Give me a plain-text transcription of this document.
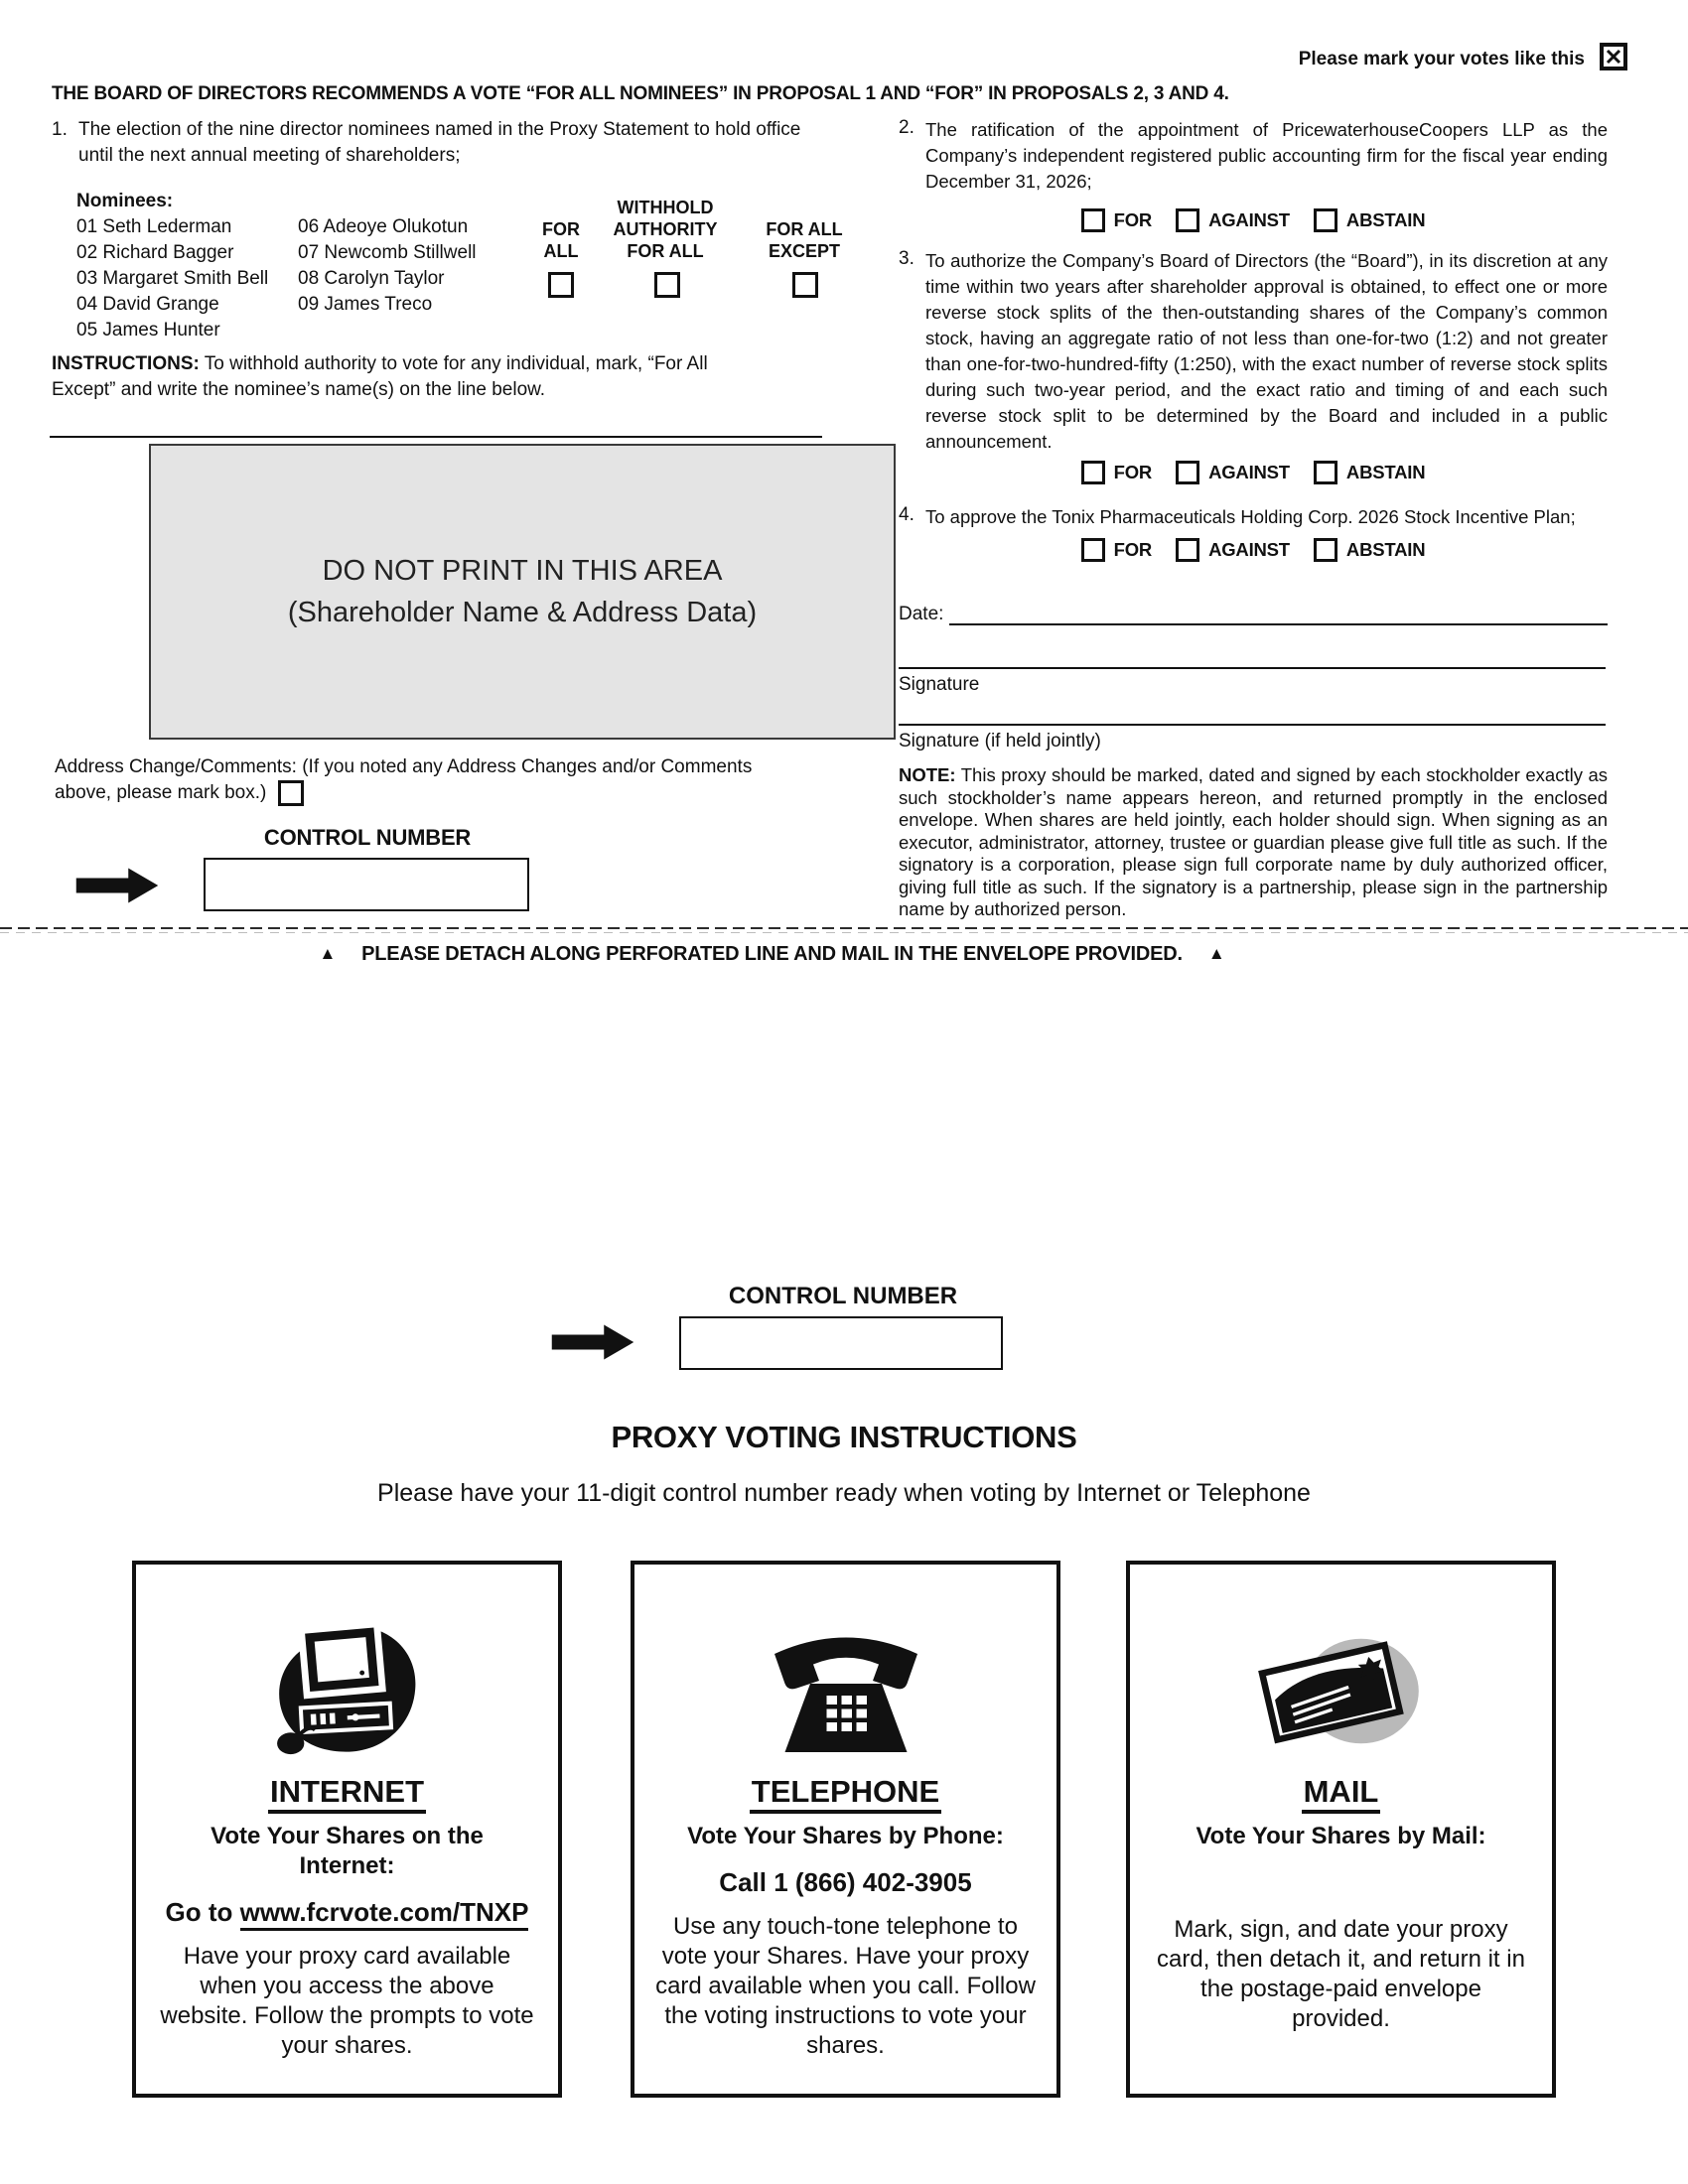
Please mark your votes like this
THE BOARD OF DIRECTORS RECOMMENDS A VOTE “FOR ALL NOMINEES” IN PROPOSAL 1 AND “FOR” IN PROPOSALS 2, 3 AND 4.
1. The election of the nine director nominees named in the Proxy Statement to hold office until the next annual meeting of shareholders;
Nominees:
01 Seth Lederman
02 Richard Bagger
03 Margaret Smith Bell
04 David Grange
05 James Hunter
06 Adeoye Olukotun
07 Newcomb Stillwell
08 Carolyn Taylor
09 James Treco
FOR ALL
WITHHOLD AUTHORITY FOR ALL
FOR ALL EXCEPT
INSTRUCTIONS: To withhold authority to vote for any individual, mark, “For All Except” and write the nominee’s name(s) on the line below.
DO NOT PRINT IN THIS AREA
(Shareholder Name & Address Data)
Address Change/Comments: (If you noted any Address Changes and/or Comments
above, please mark box.)
CONTROL NUMBER
▲ PLEASE DETACH ALONG PERFORATED LINE AND MAIL IN THE ENVELOPE PROVIDED. ▲
2. The ratification of the appointment of PricewaterhouseCoopers LLP as the Company’s independent registered public accounting firm for the fiscal year ending December 31, 2026;
FOR	AGAINST	ABSTAIN
3. To authorize the Company’s Board of Directors (the “Board”), in its discretion at any time within two years after shareholder approval is obtained, to effect one or more reverse stock splits of the then-outstanding shares of the Company’s common stock, having an aggregate ratio of not less than one-for-two (1:2) and not greater than one-for-two-hundred-fifty (1:250), with the exact number of reverse stock splits during such two-year period, and the exact ratio and timing of and each such reverse stock split to be determined by the Board and included in a public announcement.
FOR	AGAINST	ABSTAIN
4. To approve the Tonix Pharmaceuticals Holding Corp. 2026 Stock Incentive Plan;
FOR	AGAINST	ABSTAIN
Date:
Signature
Signature (if held jointly)
NOTE: This proxy should be marked, dated and signed by each stockholder exactly as such stockholder’s name appears hereon, and returned promptly in the enclosed envelope. When shares are held jointly, each holder should sign. When signing as an executor, administrator, attorney, trustee or guardian please give full title as such. If the signatory is a corporation, please sign full corporate name by duly authorized officer, giving full title as such. If the signatory is a partnership, please sign in the partnership name by authorized person.
CONTROL NUMBER
PROXY VOTING INSTRUCTIONS
Please have your 11-digit control number ready when voting by Internet or Telephone
INTERNET
Vote Your Shares on the Internet:
Go to www.fcrvote.com/TNXP
Have your proxy card available when you access the above website. Follow the prompts to vote your shares.
TELEPHONE
Vote Your Shares by Phone:
Call 1 (866) 402-3905
Use any touch-tone telephone to vote your Shares. Have your proxy card available when you call. Follow the voting instructions to vote your shares.
MAIL
Vote Your Shares by Mail:
Mark, sign, and date your proxy card, then detach it, and return it in the postage-paid envelope provided.
